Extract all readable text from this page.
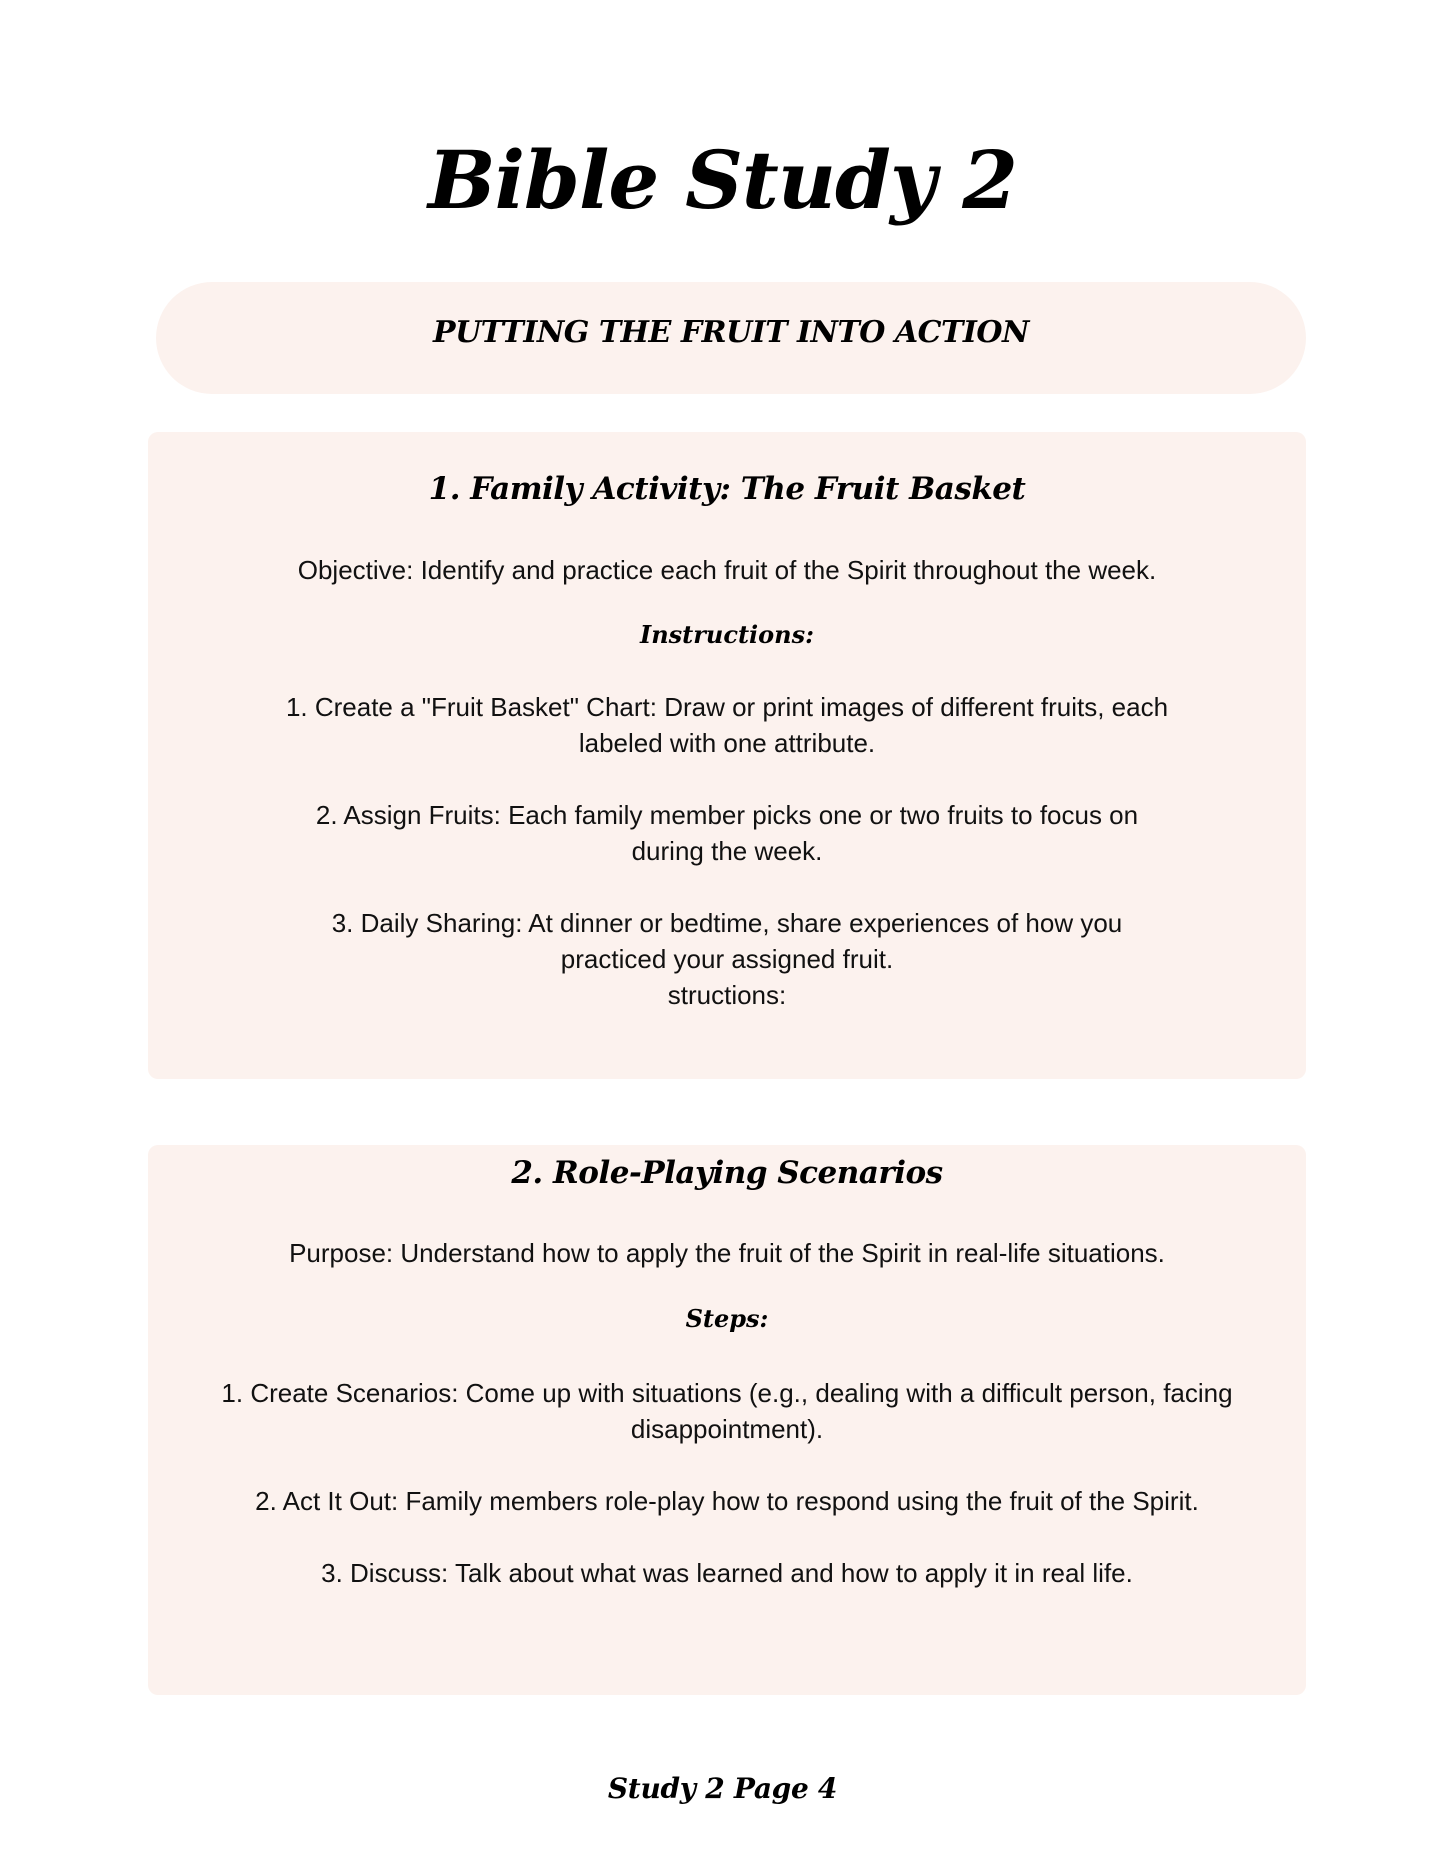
Bible Study 2
PUTTING THE FRUIT INTO ACTION
1. Family Activity: The Fruit Basket

Objective: Identify and practice each fruit of the Spirit throughout the week.

Instructions:

1. Create a "Fruit Basket" Chart: Draw or print images of different fruits, each labeled with one attribute.
2. Assign Fruits: Each family member picks one or two fruits to focus on during the week.
3. Daily Sharing: At dinner or bedtime, share experiences of how you practiced your assigned fruit.

structions:

2. Role-Playing Scenarios

Purpose: Understand how to apply the fruit of the Spirit in real-life situations.

Steps:

1. Create Scenarios: Come up with situations (e.g., dealing with a difficult person, facing disappointment).
2. Act It Out: Family members role-play how to respond using the fruit of the Spirit.
3. Discuss: Talk about what was learned and how to apply it in real life.
Study 2 Page 4
